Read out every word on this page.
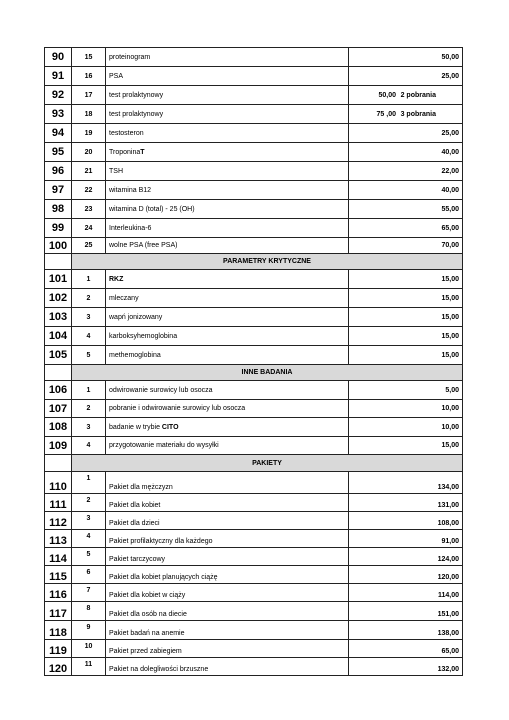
90	15	proteinogram	50,00
91	16	PSA	25,00
92	17	test prolaktynowy	50,00 2 pobrania
93	18	test prolaktynowy	75 ,00 3 pobrania
94	19	testosteron	25,00
95	20	TroponinaT	40,00
96	21	TSH	22,00
97	22	witamina B12	40,00
98	23	witamina D (total) - 25 (OH)	55,00
99	24	Interleukina-6	65,00
100	25	wolne PSA (free PSA)	70,00
	PARAMETRY KRYTYCZNE		
101	1	RKZ	15,00
102	2	mleczany	15,00
103	3	wapń jonizowany	15,00
104	4	karboksyhemoglobina	15,00
105	5	methemoglobina	15,00
	INNE BADANIA		
106	1	odwirowanie surowicy lub osocza	5,00
107	2	pobranie i odwirowanie surowicy lub osocza	10,00
108	3	badanie w trybie CITO	10,00
109	4	przygotowanie materiału do wysyłki	15,00
	PAKIETY		
110	1	Pakiet dla mężczyzn	134,00
111	2	Pakiet dla kobiet	131,00
112	3	Pakiet dla dzieci	108,00
113	4	Pakiet profilaktyczny dla każdego	91,00
114	5	Pakiet tarczycowy	124,00
115	6	Pakiet dla kobiet planujących ciążę	120,00
116	7	Pakiet dla kobiet w ciąży	114,00
117	8	Pakiet dla osób na diecie	151,00
118	9	Pakiet badań na anemie	138,00
119	10	Pakiet przed zabiegiem	65,00
120	11	Pakiet na dolegliwości brzuszne	132,00
